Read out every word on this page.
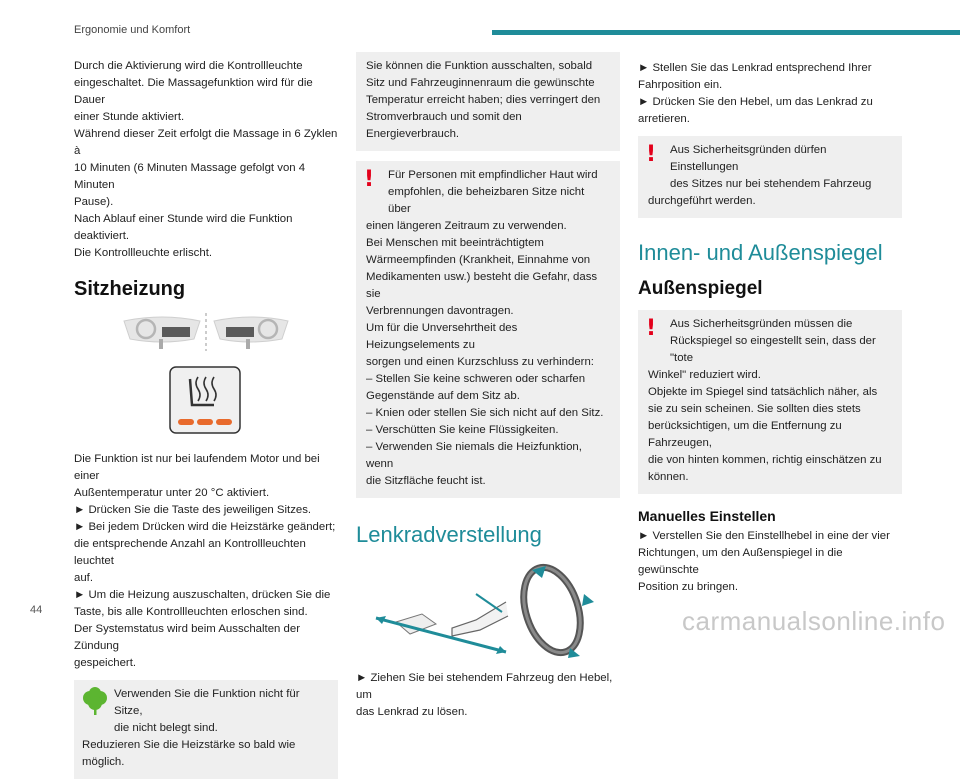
Ergonomie und Komfort
Durch die Aktivierung wird die Kontrollleuchte
eingeschaltet. Die Massagefunktion wird für die Dauer
einer Stunde aktiviert.
Während dieser Zeit erfolgt die Massage in 6 Zyklen à
10 Minuten (6 Minuten Massage gefolgt von 4 Minuten
Pause).
Nach Ablauf einer Stunde wird die Funktion deaktiviert.
Die Kontrollleuchte erlischt.
Sitzheizung
Die Funktion ist nur bei laufendem Motor und bei einer
Außentemperatur unter 20 °C aktiviert.
► Drücken Sie die Taste des jeweiligen Sitzes.
► Bei jedem Drücken wird die Heizstärke geändert;
die entsprechende Anzahl an Kontrollleuchten leuchtet
auf.
► Um die Heizung auszuschalten, drücken Sie die
Taste, bis alle Kontrollleuchten erloschen sind.
Der Systemstatus wird beim Ausschalten der Zündung
gespeichert.
Verwenden Sie die Funktion nicht für Sitze,
die nicht belegt sind.
Reduzieren Sie die Heizstärke so bald wie möglich.
Sie können die Funktion ausschalten, sobald
Sitz und Fahrzeuginnenraum die gewünschte
Temperatur erreicht haben; dies verringert den
Stromverbrauch und somit den Energieverbrauch.
!	Für Personen mit empfindlicher Haut wird
empfohlen, die beheizbaren Sitze nicht über
einen längeren Zeitraum zu verwenden.
Bei Menschen mit beeinträchtigtem
Wärmeempfinden (Krankheit, Einnahme von
Medikamenten usw.) besteht die Gefahr, dass sie
Verbrennungen davontragen.
Um für die Unversehrtheit des Heizungselements zu
sorgen und einen Kurzschluss zu verhindern:
– Stellen Sie keine schweren oder scharfen
Gegenstände auf dem Sitz ab.
– Knien oder stellen Sie sich nicht auf den Sitz.
– Verschütten Sie keine Flüssigkeiten.
– Verwenden Sie niemals die Heizfunktion, wenn
die Sitzfläche feucht ist.
Lenkradverstellung
► Ziehen Sie bei stehendem Fahrzeug den Hebel, um
das Lenkrad zu lösen.
► Stellen Sie das Lenkrad entsprechend Ihrer
Fahrposition ein.
► Drücken Sie den Hebel, um das Lenkrad zu
arretieren.
!	Aus Sicherheitsgründen dürfen Einstellungen
des Sitzes nur bei stehendem Fahrzeug
durchgeführt werden.
Innen- und Außenspiegel
Außenspiegel
!	Aus Sicherheitsgründen müssen die
Rückspiegel so eingestellt sein, dass der "tote
Winkel" reduziert wird.
Objekte im Spiegel sind tatsächlich näher, als
sie zu sein scheinen. Sie sollten dies stets
berücksichtigen, um die Entfernung zu Fahrzeugen,
die von hinten kommen, richtig einschätzen zu
können.
Manuelles Einstellen
► Verstellen Sie den Einstellhebel in eine der vier
Richtungen, um den Außenspiegel in die gewünschte
Position zu bringen.
44	carmanualsonline.info
